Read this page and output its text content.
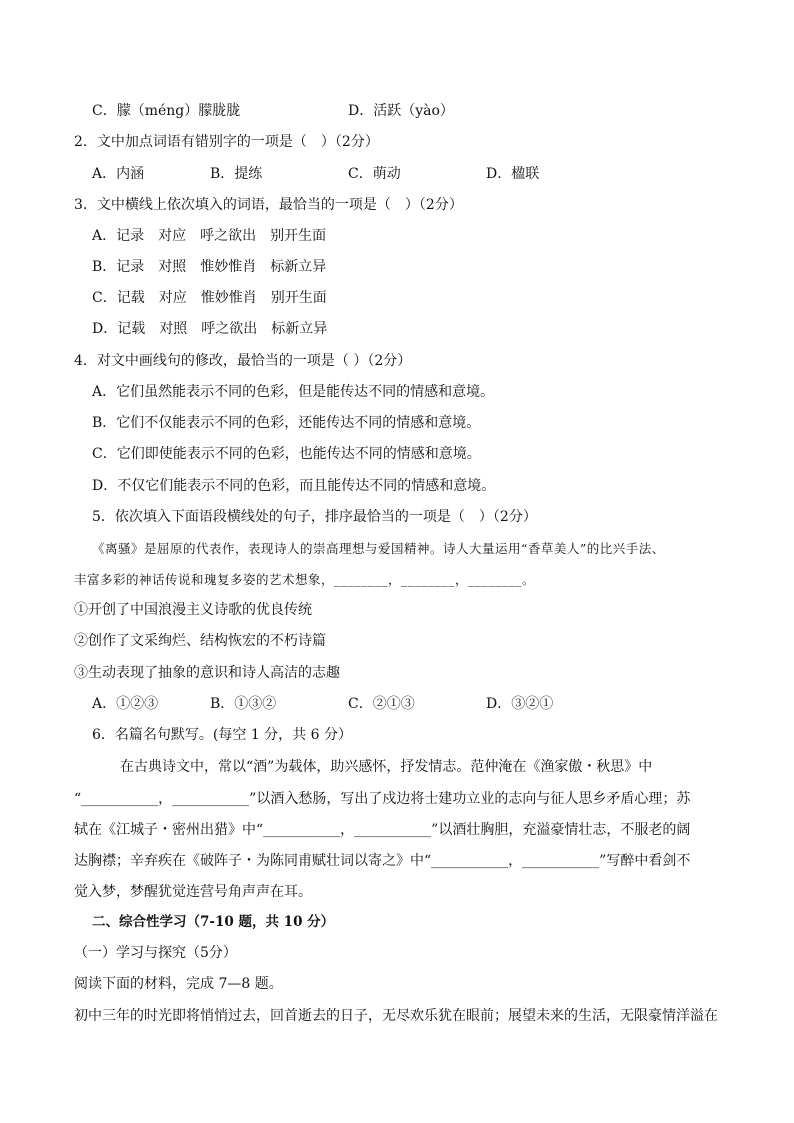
C．朦（méng）朦胧胧	D．活跃（yào）
2．文中加点词语有错别字的一项是（　）（2分）
A．内涵	B．提练	C．萌动	D．楹联
3．文中横线上依次填入的词语，最恰当的一项是（　）（2分）
A．记录　对应　呼之欲出　别开生面
B．记录　对照　惟妙惟肖　标新立异
C．记载　对应　惟妙惟肖　别开生面
D．记载　对照　呼之欲出　标新立异
4．对文中画线句的修改，最恰当的一项是（ ）（2分）
A．它们虽然能表示不同的色彩，但是能传达不同的情感和意境。
B．它们不仅能表示不同的色彩，还能传达不同的情感和意境。
C．它们即使能表示不同的色彩，也能传达不同的情感和意境。
D．不仅它们能表示不同的色彩，而且能传达不同的情感和意境。
5．依次填入下面语段横线处的句子，排序最恰当的一项是（　）（2分）
《离骚》是屈原的代表作，表现诗人的崇高理想与爱国精神。诗人大量运用“香草美人”的比兴手法、
丰富多彩的神话传说和瑰复多姿的艺术想象，________，________，________。
①开创了中国浪漫主义诗歌的优良传统
②创作了文采绚烂、结构恢宏的不朽诗篇
③生动表现了抽象的意识和诗人高洁的志趣
A．①②③	B．①③②	C．②①③	D．③②①
6．名篇名句默写。(每空 1 分，共 6 分）
在古典诗文中，常以“酒”为载体，助兴感怀，抒发情志。范仲淹在《渔家傲・秋思》中
“___________，___________”以酒入愁肠，写出了戍边将士建功立业的志向与征人思乡矛盾心理；苏
轼在《江城子・密州出猎》中“___________，___________”以酒壮胸胆，充溢豪情壮志，不服老的阔
达胸襟；辛弃疾在《破阵子・为陈同甫赋壮词以寄之》中“___________，___________”写醉中看剑不
觉入梦，梦醒犹觉连营号角声声在耳。
二、综合性学习（7-10 题，共 10 分）
（一）学习与探究（5分）
阅读下面的材料，完成 7—8 题。
初中三年的时光即将悄悄过去，回首逝去的日子，无尽欢乐犹在眼前；展望未来的生活，无限豪情洋溢在
